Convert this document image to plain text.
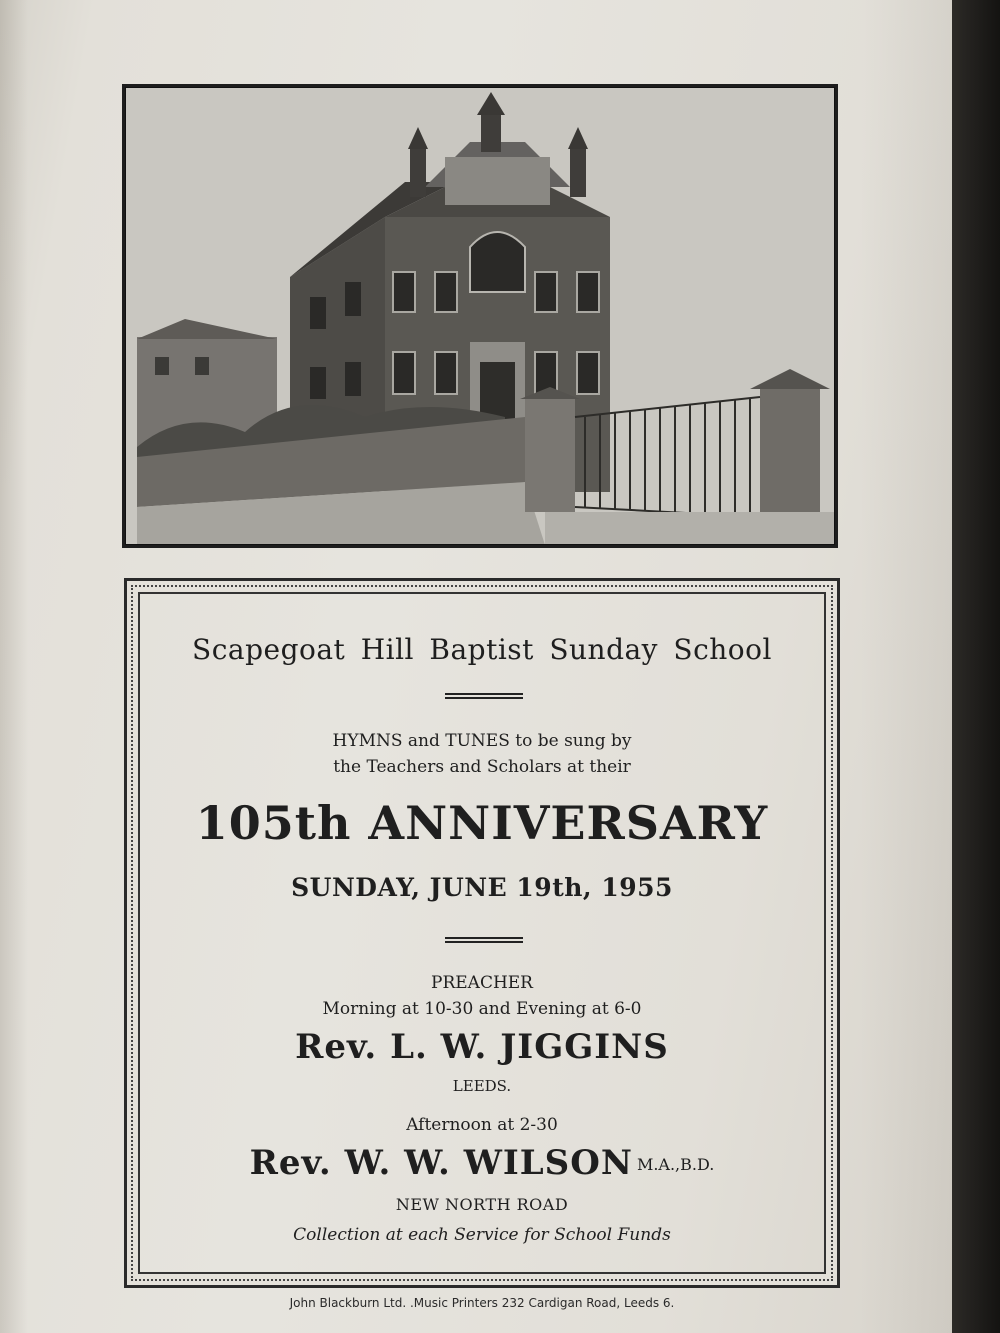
Scapegoat Hill Baptist Sunday School
HYMNS and TUNES to be sung by
the Teachers and Scholars at their
105th ANNIVERSARY
SUNDAY, JUNE 19th, 1955
PREACHER
Morning at 10-30 and Evening at 6-0
Rev. L. W. JIGGINS
LEEDS.
Afternoon at 2-30
Rev. W. W. WILSON M.A.,B.D.
NEW NORTH ROAD
Collection at each Service for School Funds
John Blackburn Ltd. .Music Printers 232 Cardigan Road, Leeds 6.
